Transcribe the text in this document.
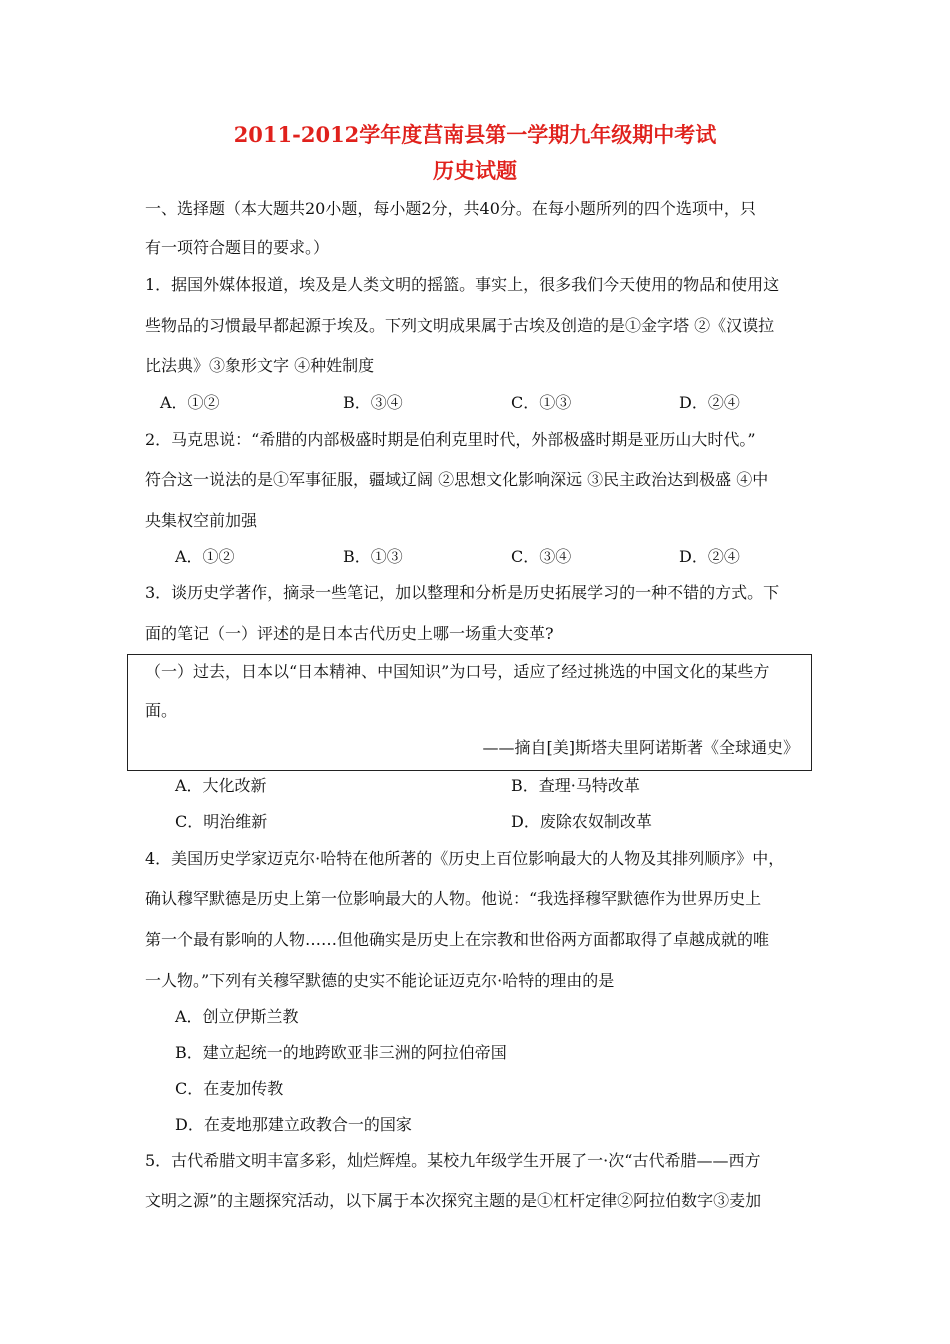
2011-2012学年度莒南县第一学期九年级期中考试
历史试题
一、选择题（本大题共20小题，每小题2分，共40分。在每小题所列的四个选项中，只
有一项符合题目的要求。）
1．据国外媒体报道，埃及是人类文明的摇篮。事实上，很多我们今天使用的物品和使用这
些物品的习惯最早都起源于埃及。下列文明成果属于古埃及创造的是①金字塔 ②《汉谟拉
比法典》③象形文字 ④种姓制度
A．①②	B．③④	C．①③	D．②④
2．马克思说：“希腊的内部极盛时期是伯利克里时代，外部极盛时期是亚历山大时代。”
符合这一说法的是①军事征服，疆域辽阔 ②思想文化影响深远 ③民主政治达到极盛 ④中
央集权空前加强
A．①②	B．①③	C．③④	D．②④
3．谈历史学著作，摘录一些笔记，加以整理和分析是历史拓展学习的一种不错的方式。下
面的笔记（一）评述的是日本古代历史上哪一场重大变革?
（一）过去，日本以“日本精神、中国知识”为口号，适应了经过挑选的中国文化的某些方
面。
——摘自[美]斯塔夫里阿诺斯著《全球通史》
A．大化改新	B．查理·马特改革
C．明治维新	D．废除农奴制改革
4．美国历史学家迈克尔·哈特在他所著的《历史上百位影响最大的人物及其排列顺序》中，
确认穆罕默德是历史上第一位影响最大的人物。他说：“我选择穆罕默德作为世界历史上
第一个最有影响的人物……但他确实是历史上在宗教和世俗两方面都取得了卓越成就的唯
一人物。”下列有关穆罕默德的史实不能论证迈克尔·哈特的理由的是
A．创立伊斯兰教
B．建立起统一的地跨欧亚非三洲的阿拉伯帝国
C．在麦加传教
D．在麦地那建立政教合一的国家
5．古代希腊文明丰富多彩，灿烂辉煌。某校九年级学生开展了一·次“古代希腊——西方
文明之源”的主题探究活动，以下属于本次探究主题的是①杠杆定律②阿拉伯数字③麦加
